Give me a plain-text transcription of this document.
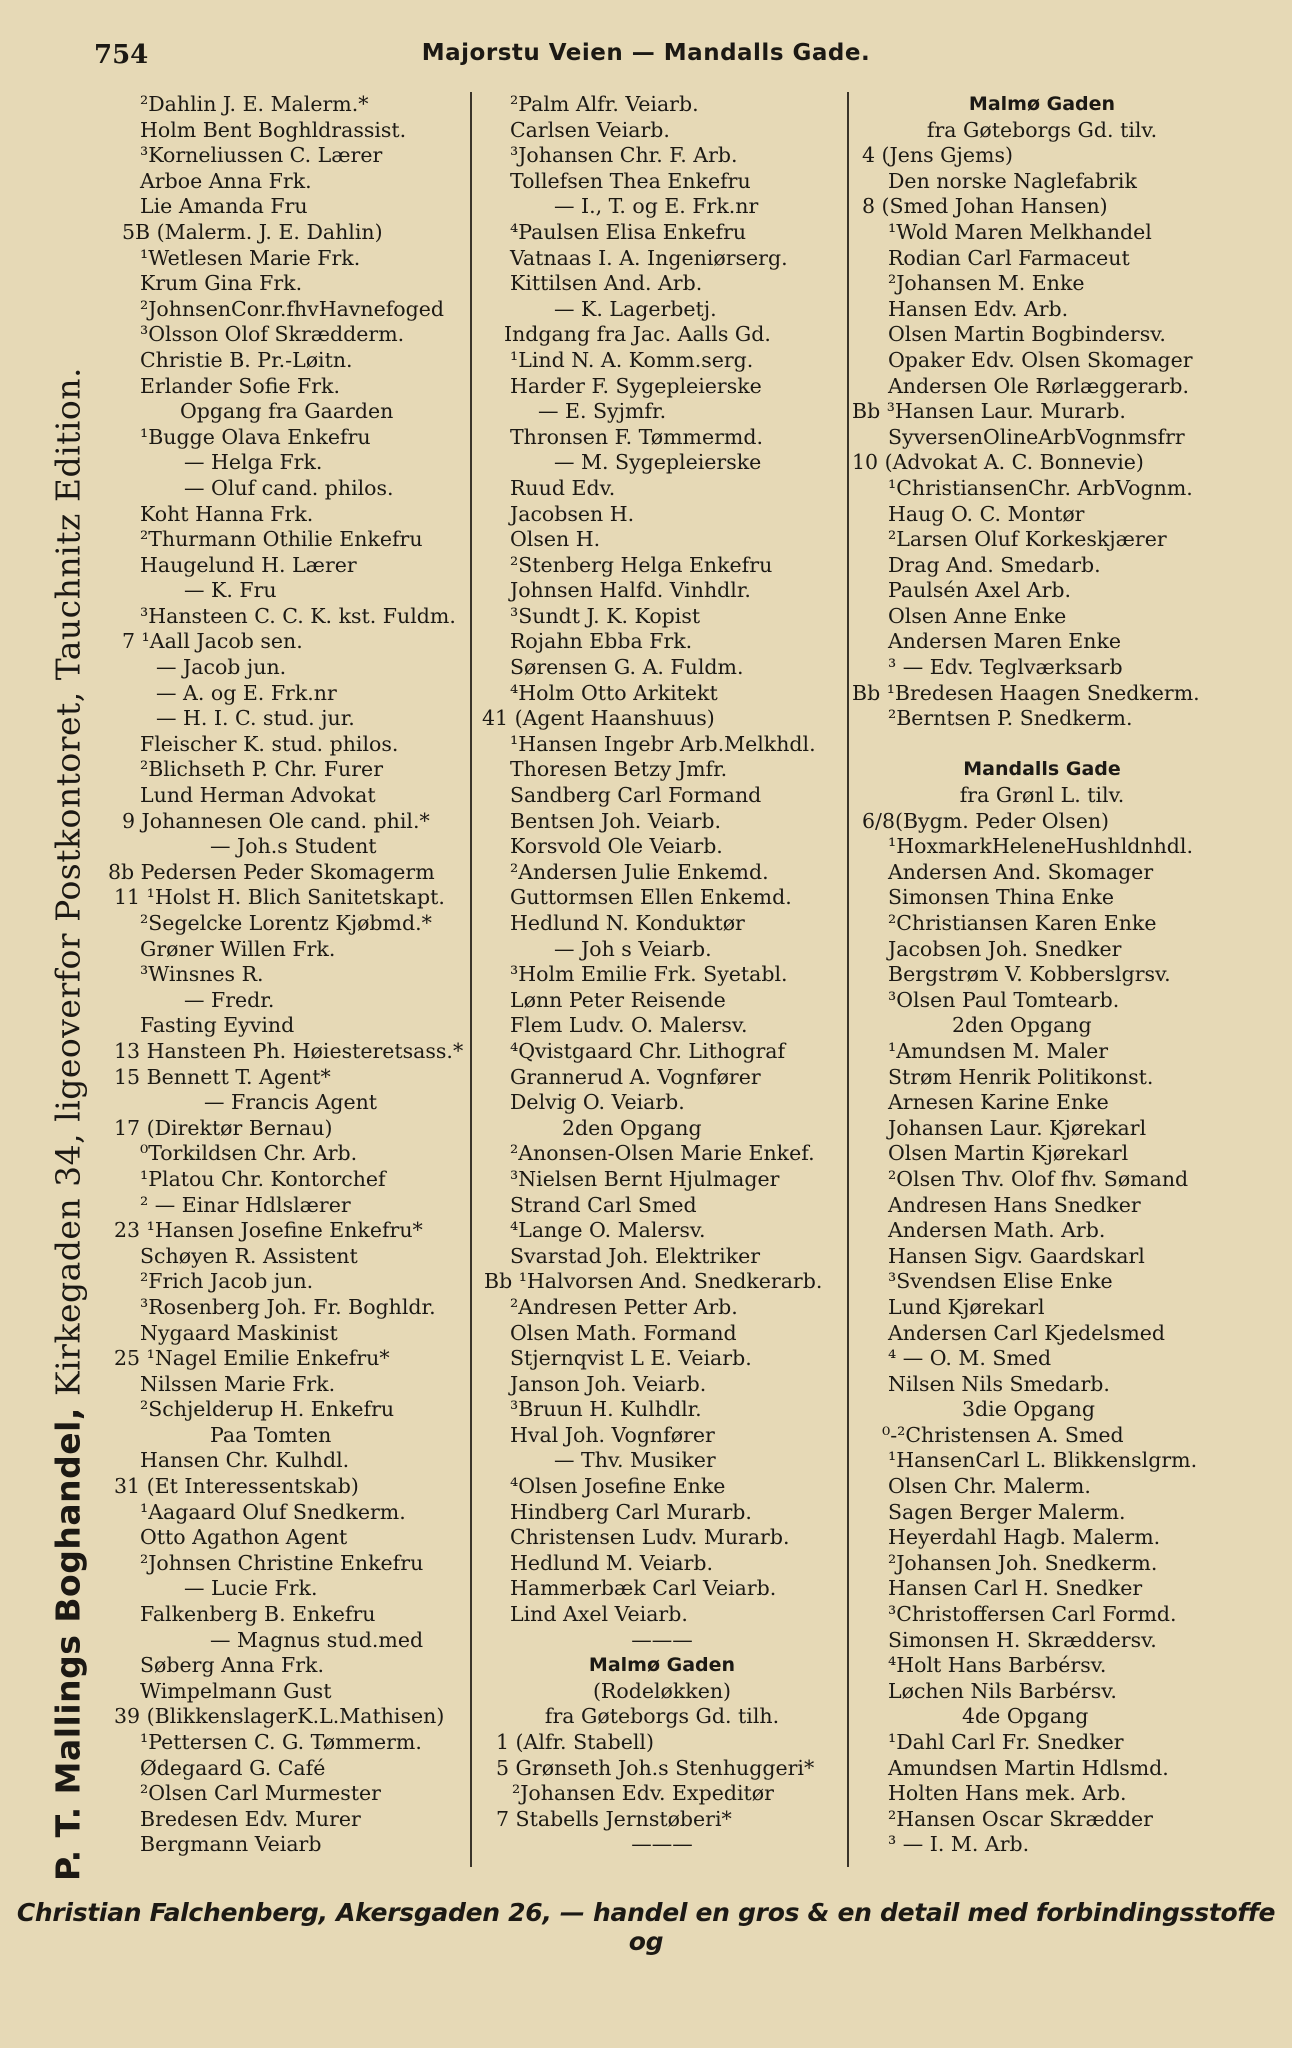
754	Majorstu Veien — Mandalls Gade.
P. T. Mallings Boghandel, Kirkegaden 34, ligeoverfor Postkontoret, Tauchnitz Edition.
²Dahlin J. E. Malerm.*
Holm Bent Boghldrassist.
³Korneliussen C. Lærer
Arboe Anna Frk.
Lie Amanda Fru
5B (Malerm. J. E. Dahlin)
¹Wetlesen Marie Frk.
Krum Gina Frk.
²JohnsenConr.fhvHavnefoged
³Olsson Olof Skrædderm.
Christie B. Pr.-Løitn.
Erlander Sofie Frk.
Opgang fra Gaarden
¹Bugge Olava Enkefru
— Helga Frk.
— Oluf cand. philos.
Koht Hanna Frk.
²Thurmann Othilie Enkefru
Haugelund H. Lærer
— K. Fru
³Hansteen C. C. K. kst. Fuldm.
7 ¹Aall Jacob sen.
— Jacob jun.
— A. og E. Frk.nr
— H. I. C. stud. jur.
Fleischer K. stud. philos.
²Blichseth P. Chr. Furer
Lund Herman Advokat
9 Johannesen Ole cand. phil.*
— Joh.s Student
8b Pedersen Peder Skomagerm
11 ¹Holst H. Blich Sanitetskapt.
²Segelcke Lorentz Kjøbmd.*
Grøner Willen Frk.
³Winsnes R.
— Fredr.
Fasting Eyvind
13 Hansteen Ph. Høiesteretsass.*
15 Bennett T. Agent*
— Francis Agent
17 (Direktør Bernau)
⁰Torkildsen Chr. Arb.
¹Platou Chr. Kontorchef
² — Einar Hdlslærer
23 ¹Hansen Josefine Enkefru*
Schøyen R. Assistent
²Frich Jacob jun.
³Rosenberg Joh. Fr. Boghldr.
Nygaard Maskinist
25 ¹Nagel Emilie Enkefru*
Nilssen Marie Frk.
²Schjelderup H. Enkefru
Paa Tomten
Hansen Chr. Kulhdl.
31 (Et Interessentskab)
¹Aagaard Oluf Snedkerm.
Otto Agathon Agent
²Johnsen Christine Enkefru
— Lucie Frk.
Falkenberg B. Enkefru
— Magnus stud.med
Søberg Anna Frk.
Wimpelmann Gust
39 (BlikkenslagerK.L.Mathisen)
¹Pettersen C. G. Tømmerm.
Ødegaard G. Café
²Olsen Carl Murmester
Bredesen Edv. Murer
Bergmann Veiarb
²Palm Alfr. Veiarb.
Carlsen Veiarb.
³Johansen Chr. F. Arb.
Tollefsen Thea Enkefru
— I., T. og E. Frk.nr
⁴Paulsen Elisa Enkefru
Vatnaas I. A. Ingeniørserg.
Kittilsen And. Arb.
— K. Lagerbetj.
Indgang fra Jac. Aalls Gd.
¹Lind N. A. Komm.serg.
Harder F. Sygepleierske
— E. Syjmfr.
Thronsen F. Tømmermd.
— M. Sygepleierske
Ruud Edv.
Jacobsen H.
Olsen H.
²Stenberg Helga Enkefru
Johnsen Halfd. Vinhdlr.
³Sundt J. K. Kopist
Rojahn Ebba Frk.
Sørensen G. A. Fuldm.
⁴Holm Otto Arkitekt
41 (Agent Haanshuus)
¹Hansen Ingebr Arb.Melkhdl.
Thoresen Betzy Jmfr.
Sandberg Carl Formand
Bentsen Joh. Veiarb.
Korsvold Ole Veiarb.
²Andersen Julie Enkemd.
Guttormsen Ellen Enkemd.
Hedlund N. Konduktør
— Joh s Veiarb.
³Holm Emilie Frk. Syetabl.
Lønn Peter Reisende
Flem Ludv. O. Malersv.
⁴Qvistgaard Chr. Lithograf
Grannerud A. Vognfører
Delvig O. Veiarb.
2den Opgang
²Anonsen-Olsen Marie Enkef.
³Nielsen Bernt Hjulmager
Strand Carl Smed
⁴Lange O. Malersv.
Svarstad Joh. Elektriker
Bb ¹Halvorsen And. Snedkerarb.
²Andresen Petter Arb.
Olsen Math. Formand
Stjernqvist L E. Veiarb.
Janson Joh. Veiarb.
³Bruun H. Kulhdlr.
Hval Joh. Vognfører
— Thv. Musiker
⁴Olsen Josefine Enke
Hindberg Carl Murarb.
Christensen Ludv. Murarb.
Hedlund M. Veiarb.
Hammerbæk Carl Veiarb.
Lind Axel Veiarb.
———
Malmø Gaden
(Rodeløkken)
fra Gøteborgs Gd. tilh.
1 (Alfr. Stabell)
5 Grønseth Joh.s Stenhuggeri*
²Johansen Edv. Expeditør
7 Stabells Jernstøberi*
———
Malmø Gaden
fra Gøteborgs Gd. tilv.
4 (Jens Gjems)
Den norske Naglefabrik
8 (Smed Johan Hansen)
¹Wold Maren Melkhandel
Rodian Carl Farmaceut
²Johansen M. Enke
Hansen Edv. Arb.
Olsen Martin Bogbindersv.
Opaker Edv. Olsen Skomager
Andersen Ole Rørlæggerarb.
Bb ³Hansen Laur. Murarb.
SyversenOlineArbVognmsfrr
10 (Advokat A. C. Bonnevie)
¹ChristiansenChr. ArbVognm.
Haug O. C. Montør
²Larsen Oluf Korkeskjærer
Drag And. Smedarb.
Paulsén Axel Arb.
Olsen Anne Enke
Andersen Maren Enke
³ — Edv. Teglværksarb
Bb ¹Bredesen Haagen Snedkerm.
²Berntsen P. Snedkerm.
Mandalls Gade
fra Grønl L. tilv.
6/8(Bygm. Peder Olsen)
¹HoxmarkHeleneHushldnhdl.
Andersen And. Skomager
Simonsen Thina Enke
²Christiansen Karen Enke
Jacobsen Joh. Snedker
Bergstrøm V. Kobberslgrsv.
³Olsen Paul Tomtearb.
2den Opgang
¹Amundsen M. Maler
Strøm Henrik Politikonst.
Arnesen Karine Enke
Johansen Laur. Kjørekarl
Olsen Martin Kjørekarl
²Olsen Thv. Olof fhv. Sømand
Andresen Hans Snedker
Andersen Math. Arb.
Hansen Sigv. Gaardskarl
³Svendsen Elise Enke
Lund Kjørekarl
Andersen Carl Kjedelsmed
⁴ — O. M. Smed
Nilsen Nils Smedarb.
3die Opgang
⁰-²Christensen A. Smed
¹HansenCarl L. Blikkenslgrm.
Olsen Chr. Malerm.
Sagen Berger Malerm.
Heyerdahl Hagb. Malerm.
²Johansen Joh. Snedkerm.
Hansen Carl H. Snedker
³Christoffersen Carl Formd.
Simonsen H. Skræddersv.
⁴Holt Hans Barbérsv.
Løchen Nils Barbérsv.
4de Opgang
¹Dahl Carl Fr. Snedker
Amundsen Martin Hdlsmd.
Holten Hans mek. Arb.
²Hansen Oscar Skrædder
³ — I. M. Arb.
Christian Falchenberg, Akersgaden 26, — handel en gros & en detail med forbindingsstoffe og
